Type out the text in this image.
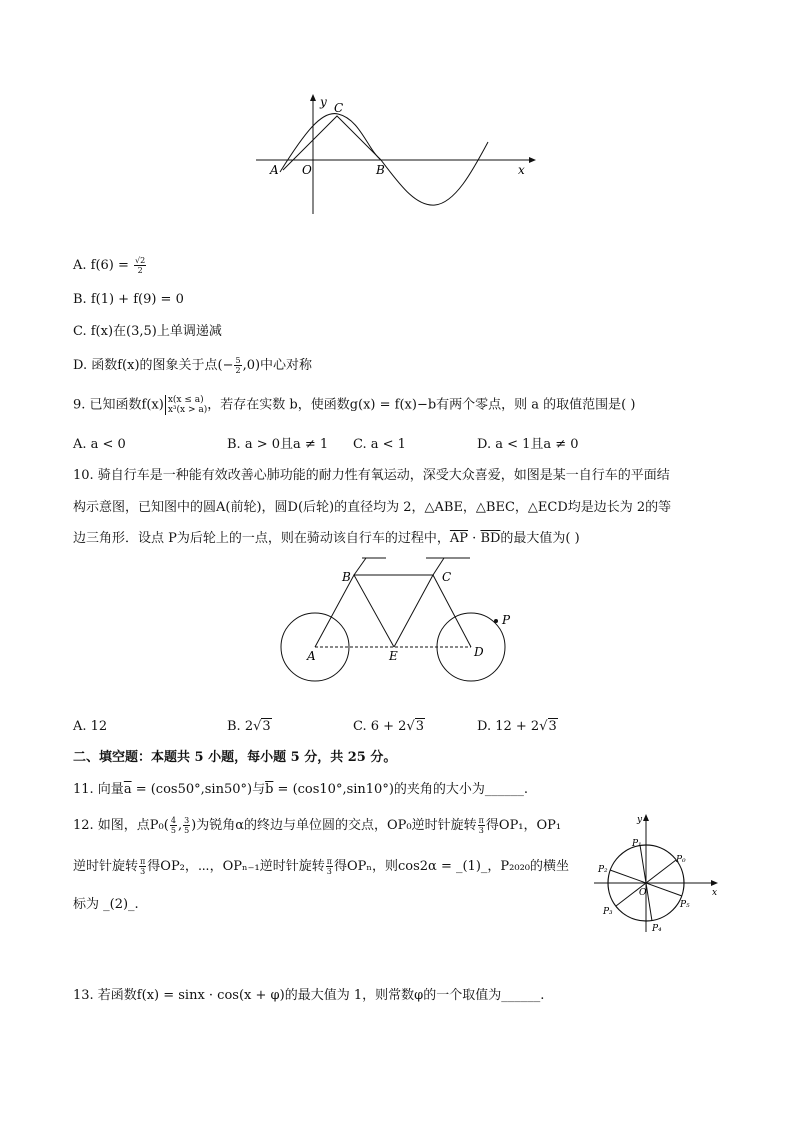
y C
A O	B	x
A. $f(6) = \frac{√2}{2}$
B. f(1) + f(9) = 0
C. f(x)在(3,5)上单调递减
D. 函数f(x)的图象关于点(− $\frac{5}{2} ,0$)中心对称
9. 已知函数f(x) x(x ≤ a)
x³(x > a) ，若存在实数 b，使函数g(x) = f(x)−b有两个零点，则 a 的取值范围是( )
A. a < 0	B. a > 0且a ≠ 1 C. a < 1	D. a < 1且a ≠ 0
10. 骑自行车是一种能有效改善心肺功能的耐力性有氧运动，深受大众喜爱，如图是某一自行车的平面结
构示意图，已知图中的圆A(前轮)，圆D(后轮)的直径均为 2，△ABE，△BEC，△ECD均是边长为 2的等
边三角形．设点 P为后轮上的一点，则在骑动该自行车的过程中，$\overline{AP} \cdot \overline{BD}$的最大值为( )
B	C
A	E	D
P
A. 12	B. 2√3	C. 6 + 2√3	D. 12 + 2√3
二、填空题：本题共 5 小题，每小题 5 分，共 25 分。
11. 向量$\overline{a} = (\cos 50^\circ,\sin 50^\circ)$与$\overline{b} = (\cos 10^\circ,\sin 10^\circ)$的夹角的大小为______.
12. 如图，点$P_0( \frac{4}{5}$ , $\frac{3}{5}$ )为锐角α的终边与单位圆的交点，OP₀逆时针旋转 $\frac{\pi}{3}$ 得OP₁，OP₁
逆时针旋转 $\frac{\pi}{3}$ 得OP₂，⋯，OPₙ₋₁逆时针旋转 $\frac{\pi}{3}$ 得OPₙ，则cos2α = _(1)_，P₂₀₂₀的横坐
标为 _(2)_.
y
x
O
P₀
P₁
P₂
P₃
P₄
P₅
13. 若函数f(x) = sinx · cos(x + φ)的最大值为 1，则常数φ的一个取值为______.
